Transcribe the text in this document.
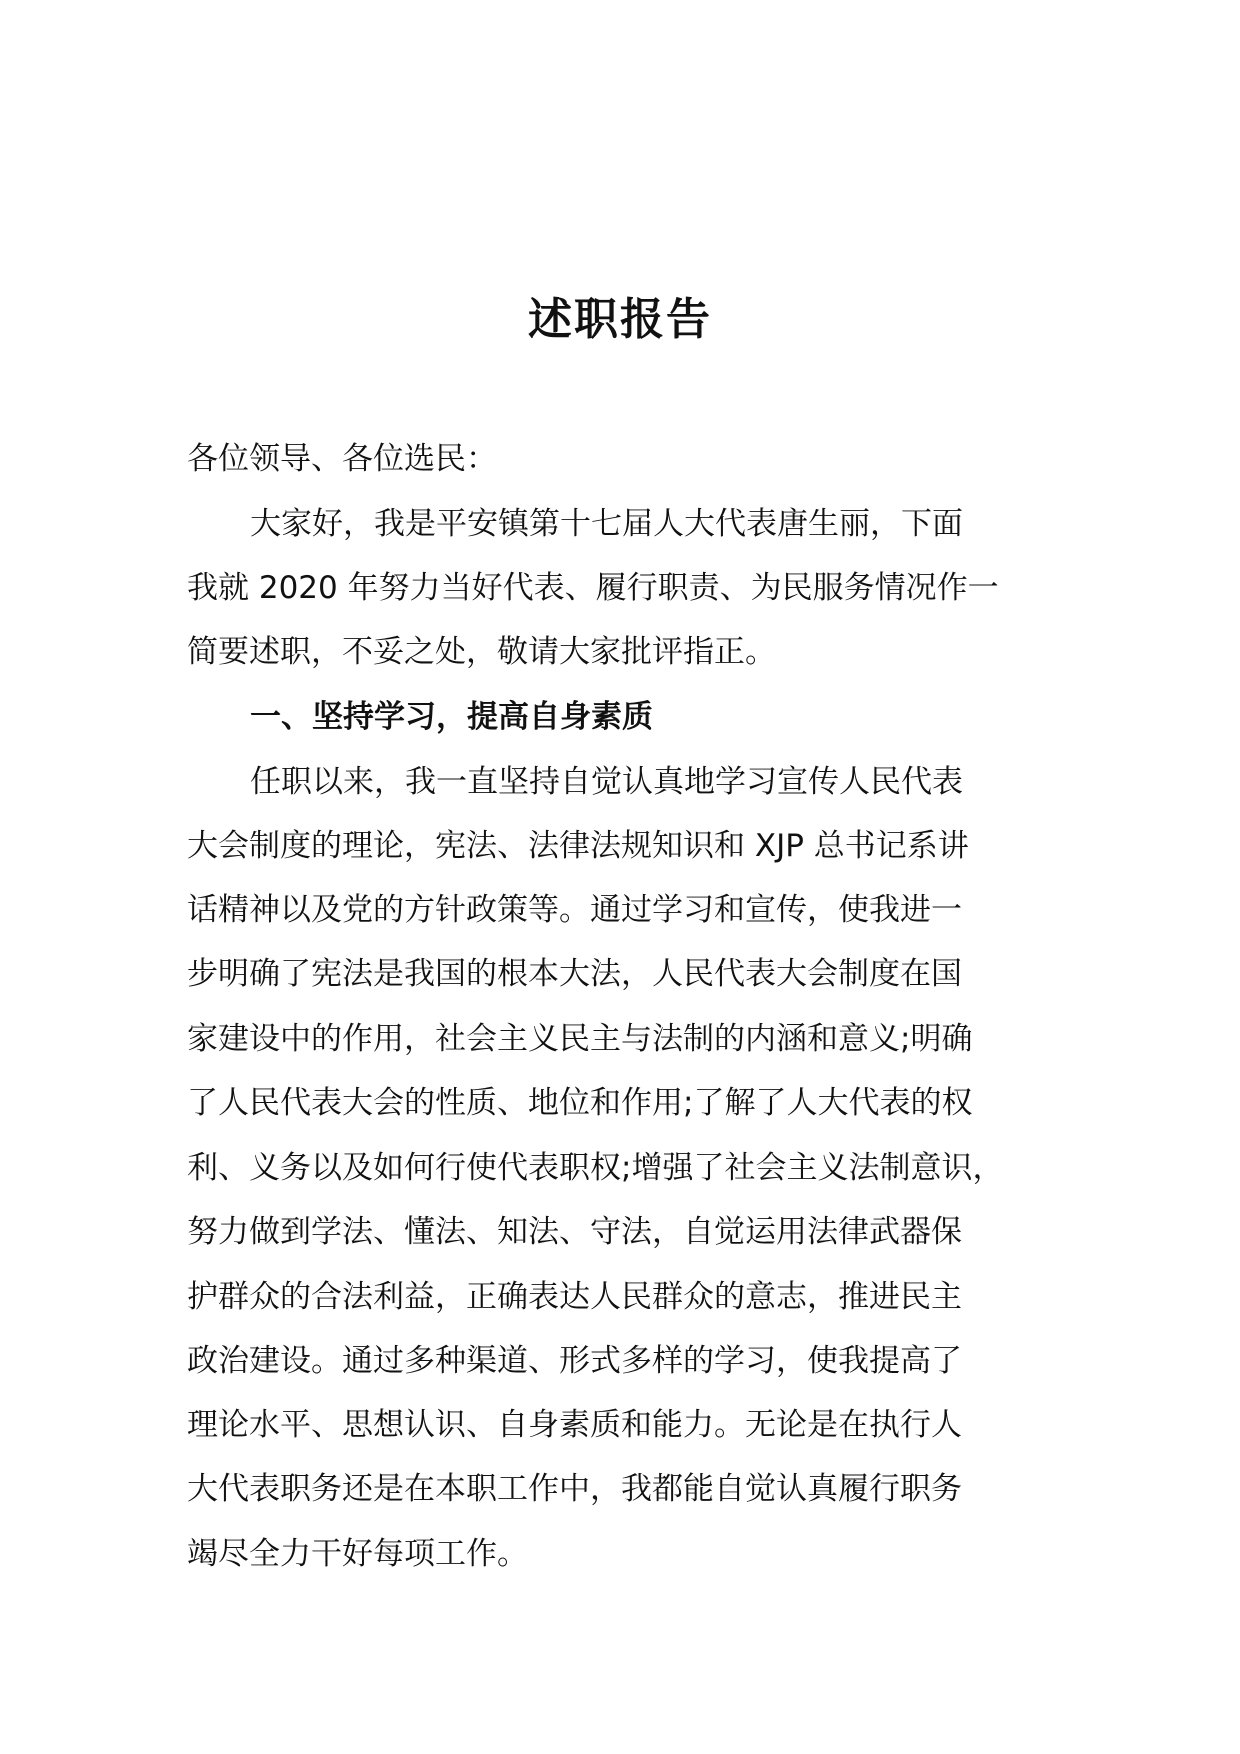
述职报告
各位领导、各位选民：
大家好，我是平安镇第十七届人大代表唐生丽，下面
我就 2020 年努力当好代表、履行职责、为民服务情况作一
简要述职，不妥之处，敬请大家批评指正。
一、坚持学习，提高自身素质
任职以来，我一直坚持自觉认真地学习宣传人民代表
大会制度的理论，宪法、法律法规知识和 XJP 总书记系讲
话精神以及党的方针政策等。通过学习和宣传，使我进一
步明确了宪法是我国的根本大法，人民代表大会制度在国
家建设中的作用，社会主义民主与法制的内涵和意义;明确
了人民代表大会的性质、地位和作用;了解了人大代表的权
利、义务以及如何行使代表职权;增强了社会主义法制意识，
努力做到学法、懂法、知法、守法，自觉运用法律武器保
护群众的合法利益，正确表达人民群众的意志，推进民主
政治建设。通过多种渠道、形式多样的学习，使我提高了
理论水平、思想认识、自身素质和能力。无论是在执行人
大代表职务还是在本职工作中，我都能自觉认真履行职务
竭尽全力干好每项工作。
